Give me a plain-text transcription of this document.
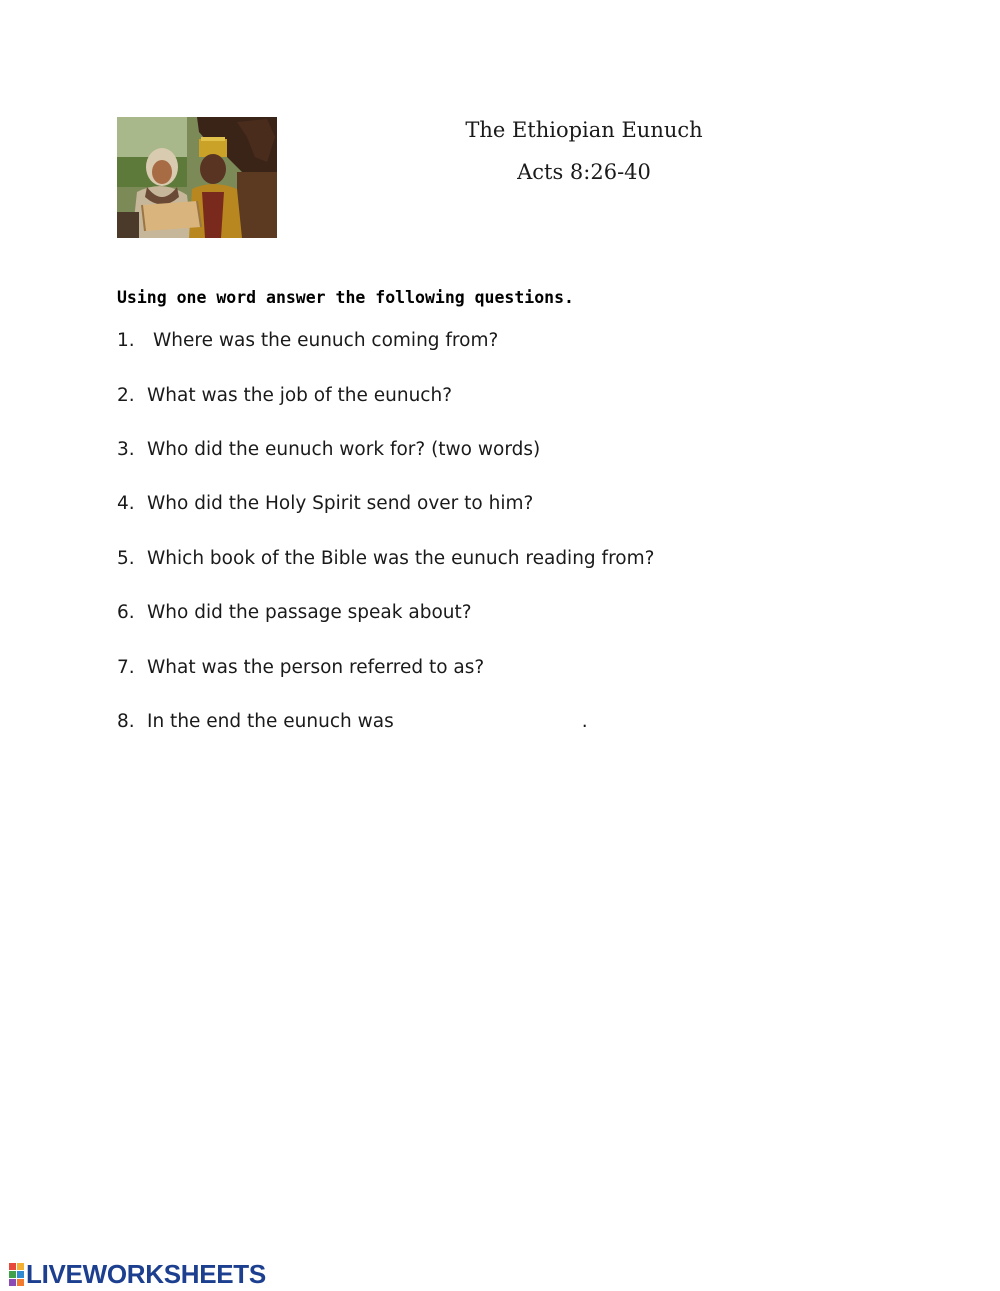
The Ethiopian Eunuch
Acts 8:26-40
Using one word answer the following questions.
1. Where was the eunuch coming from?
2. What was the job of the eunuch?
3. Who did the eunuch work for? (two words)
4. Who did the Holy Spirit send over to him?
5. Which book of the Bible was the eunuch reading from?
6. Who did the passage speak about?
7. What was the person referred to as?
8. In the end the eunuch was	.
LIVEWORKSHEETS
